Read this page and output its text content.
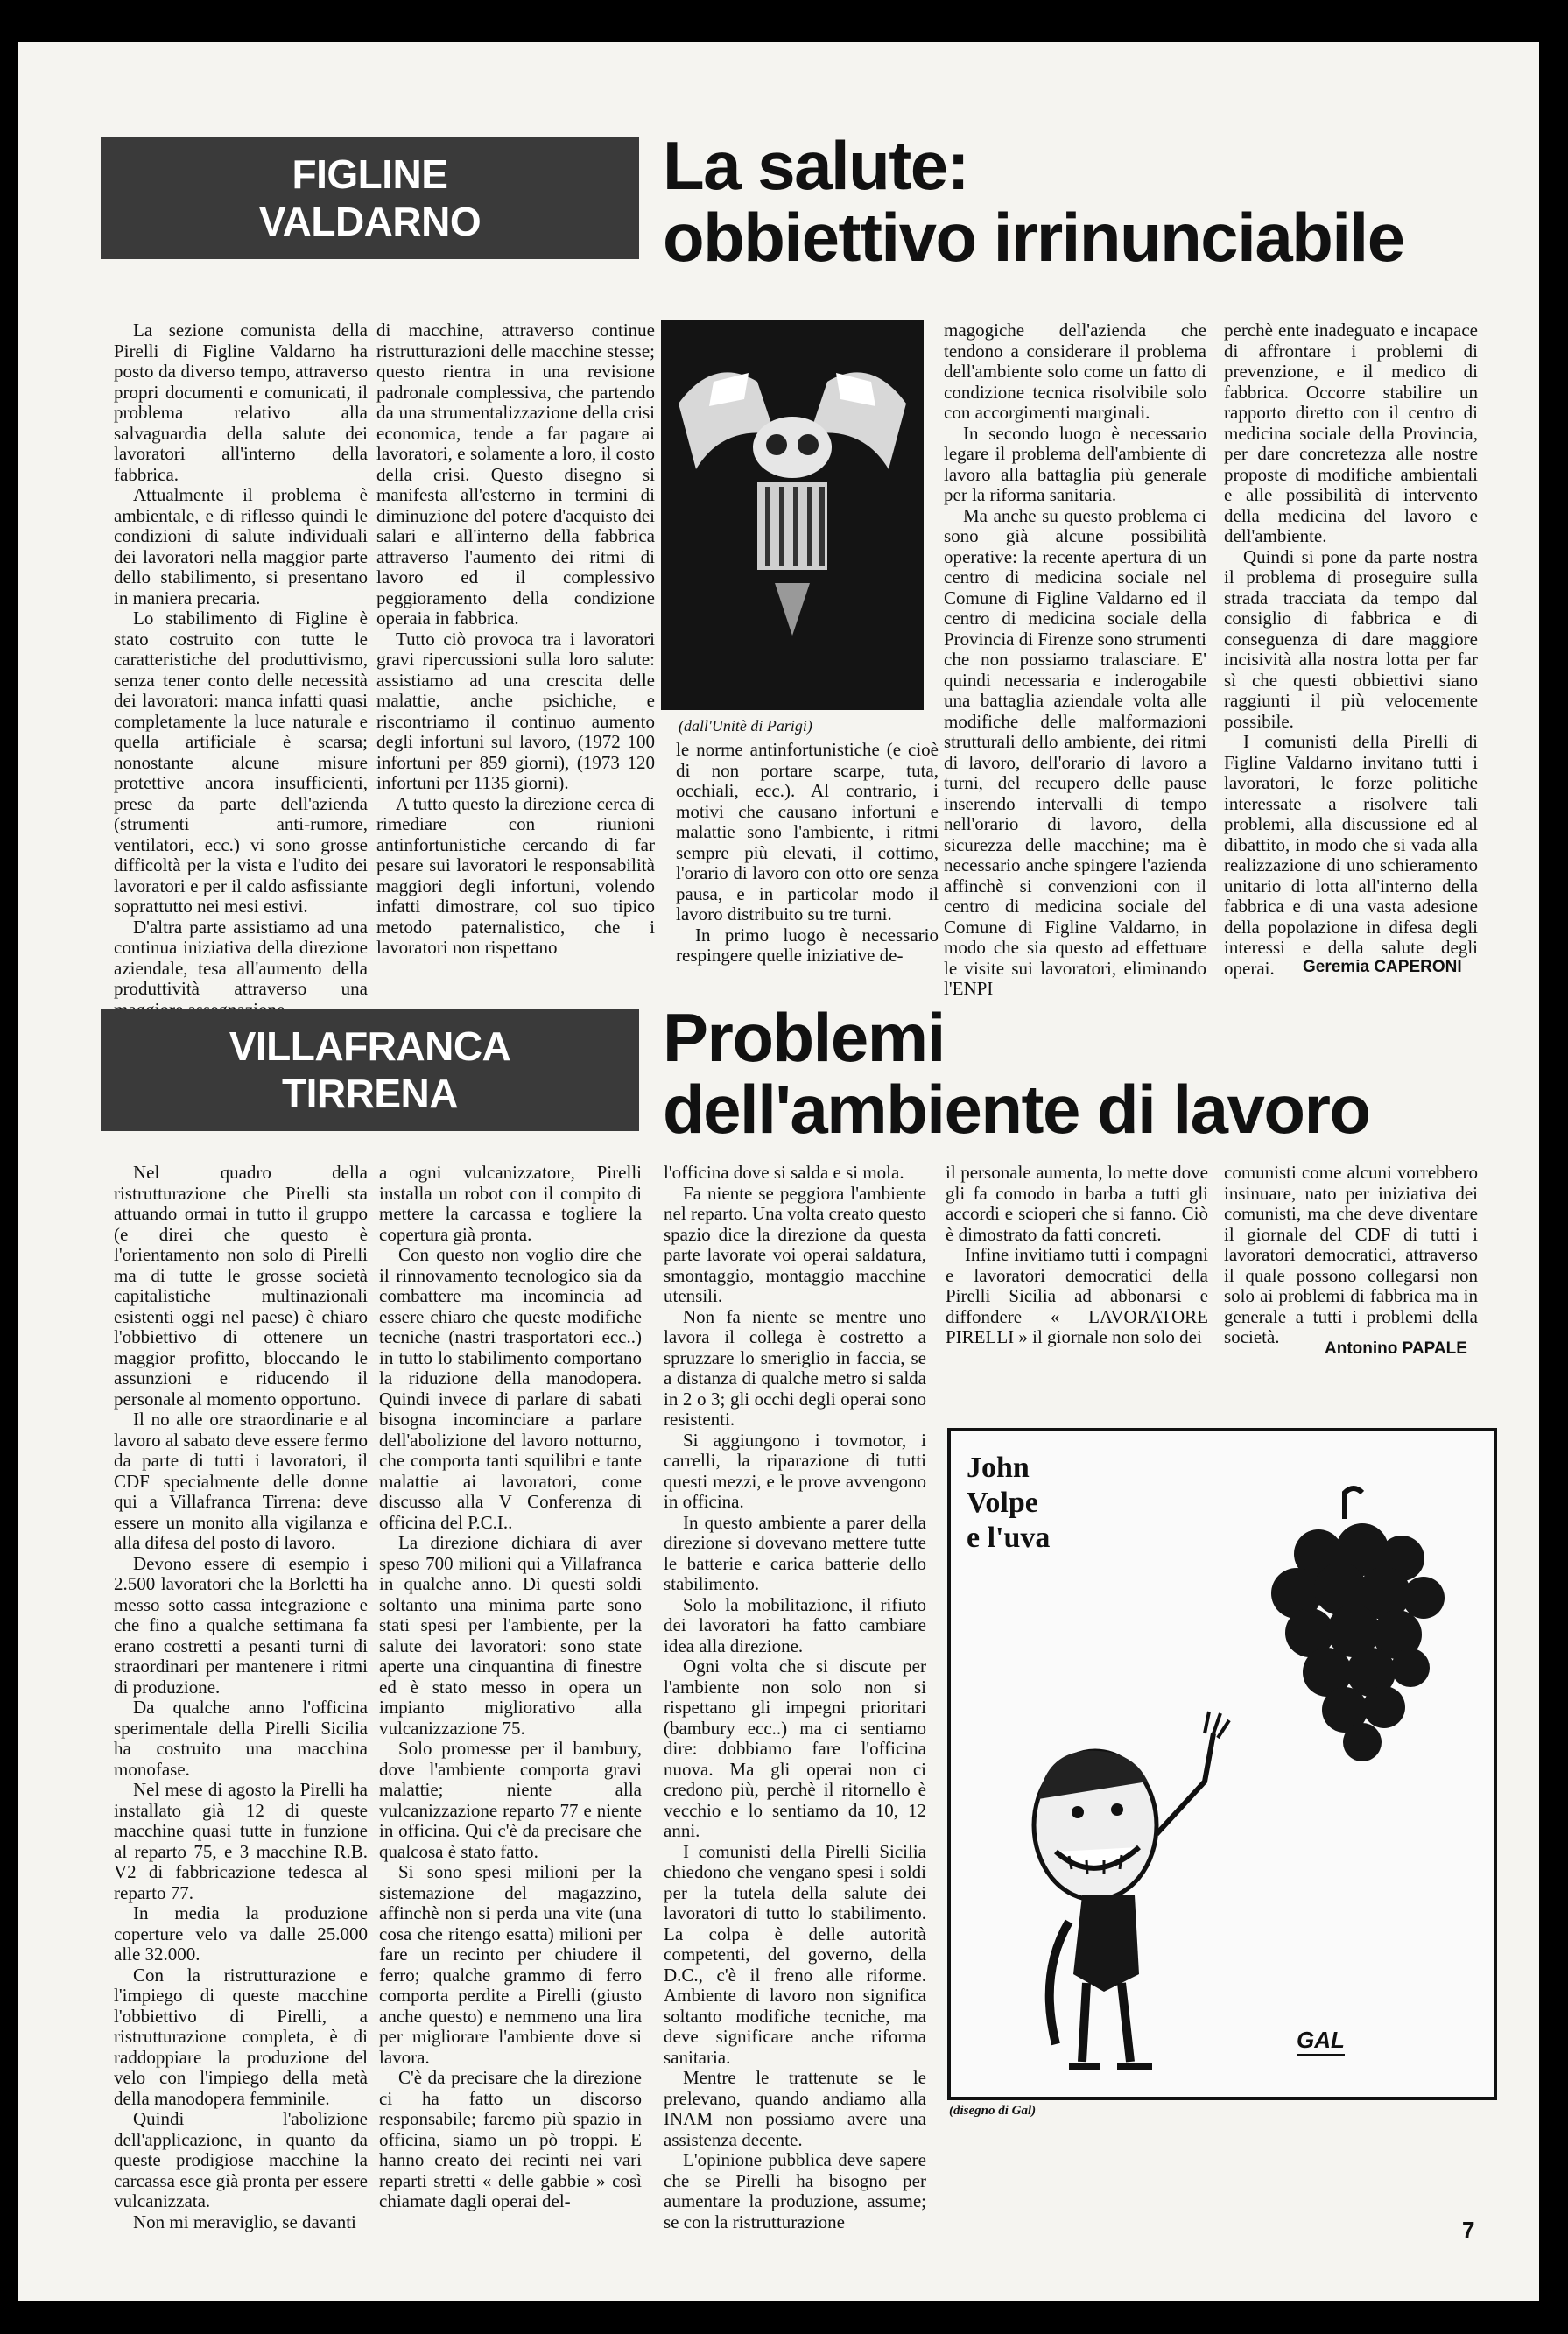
FIGLINE
VALDARNO
La salute:
obbiettivo irrinunciabile

La sezione comunista della Pirelli di Figline Valdarno ha posto da diverso tempo, attraverso propri documenti e comunicati, il problema relativo alla salvaguardia della salute dei lavoratori all'interno della fabbrica.

Attualmente il problema è ambientale, e di riflesso quindi le condizioni di salute individuali dei lavoratori nella maggior parte dello stabilimento, si presentano in maniera precaria.

Lo stabilimento di Figline è stato costruito con tutte le caratteristiche del produttivismo, senza tener conto delle necessità dei lavoratori: manca infatti quasi completamente la luce naturale e quella artificiale è scarsa; nonostante alcune misure protettive ancora insufficienti, prese da parte dell'azienda (strumenti anti-rumore, ventilatori, ecc.) vi sono grosse difficoltà per la vista e l'udito dei lavoratori e per il caldo asfissiante soprattutto nei mesi estivi.

D'altra parte assistiamo ad una continua iniziativa della direzione aziendale, tesa all'aumento della produttività attraverso una

di macchine, attraverso continue ristrutturazioni delle macchine stesse; questo rientra in una revisione padronale complessiva, che partendo da una strumentalizzazione della crisi economica, tende a far pagare ai lavoratori, e solamente a loro, il costo della crisi. Questo disegno si manifesta all'esterno in termini di diminuzione del potere d'acquisto dei salari e all'interno della fabbrica attraverso l'aumento dei ritmi di lavoro ed il complessivo peggioramento della condizione operaia in fabbrica.

Tutto ciò provoca tra i lavoratori gravi ripercussioni sulla loro salute: assistiamo ad una crescita delle malattie, anche psichiche, e riscontriamo il continuo aumento degli infortuni sul lavoro, (1972 100 infortuni per 859 giorni), (1973 120 infortuni per 1135 giorni).

A tutto questo la direzione cerca di rimediare con riunioni antinfortunistiche cercando di far pesare sui lavoratori le responsabilità maggiori degli infortuni, volendo infatti dimostrare, col suo tipico metodo paternalistico, che i lavoratori non rispettano

(dall'Unitè di Parigi)

le norme antinfortunistiche (e cioè di non portare scarpe, tuta, occhiali, ecc.). Al contrario, i motivi che causano infortuni e malattie sono l'ambiente, i ritmi sempre più elevati, il cottimo, l'orario di lavoro con otto ore senza pausa, e in particolar modo il lavoro distribuito su tre turni.

In primo luogo è necessario respingere quelle iniziative de-

magogiche dell'azienda che tendono a considerare il problema dell'ambiente solo come un fatto di condizione tecnica risolvibile solo con accorgimenti marginali.

In secondo luogo è necessario legare il problema dell'ambiente di lavoro alla battaglia più generale per la riforma sanitaria.

Ma anche su questo problema ci sono già alcune possibilità operative: la recente apertura di un centro di medicina sociale nel Comune di Figline Valdarno ed il centro di medicina sociale della Provincia di Firenze sono strumenti che non possiamo tralasciare. E' quindi necessaria e inderogabile una battaglia aziendale volta alle modifiche delle malformazioni strutturali dello ambiente, dei ritmi di lavoro, dell'orario di lavoro a turni, del recupero delle pause inserendo intervalli di tempo nell'orario di lavoro, della sicurezza delle macchine; ma è necessario anche spingere l'azienda affinchè si convenzioni con il centro di medicina sociale del Comune di Figline Valdarno, in modo che sia questo ad effettuare le visite sui lavoratori, eliminando l'ENPI

perchè ente inadeguato e incapace di affrontare i problemi di prevenzione, e il medico di fabbrica. Occorre stabilire un rapporto diretto con il centro di medicina sociale della Provincia, per dare concretezza alle nostre proposte di modifiche ambientali e alle possibilità di intervento della medicina del lavoro e dell'ambiente.

Quindi si pone da parte nostra il problema di proseguire sulla strada tracciata da tempo dal consiglio di fabbrica e di conseguenza di dare maggiore incisività alla nostra lotta per far sì che questi obbiettivi siano raggiunti il più velocemente possibile.

I comunisti della Pirelli di Figline Valdarno invitano tutti i lavoratori, le forze politiche interessate a risolvere tali problemi, alla discussione ed al dibattito, in modo che si vada alla realizzazione di uno schieramento unitario di lotta all'interno della fabbrica e di una vasta adesione della popolazione in difesa degli interessi e della salute degli operai.	Geremia CAPERONI
VILLAFRANCA
TIRRENA
Problemi
dell'ambiente di lavoro

Nel quadro della ristrutturazione che Pirelli sta attuando ormai in tutto il gruppo (e direi che questo è l'orientamento non solo di Pirelli ma di tutte le grosse società capitalistiche multinazionali esistenti oggi nel paese) è chiaro l'obbiettivo di ottenere un maggior profitto, bloccando le assunzioni e riducendo il personale al momento opportuno.

Il no alle ore straordinarie e al lavoro al sabato deve essere fermo da parte di tutti i lavoratori, il CDF specialmente delle donne qui a Villafranca Tirrena: deve essere un monito alla vigilanza e alla difesa del posto di lavoro.

Devono essere di esempio i 2.500 lavoratori che la Borletti ha messo sotto cassa integrazione e che fino a qualche settimana fa erano costretti a pesanti turni di straordinari per mantenere i ritmi di produzione.

Da qualche anno l'officina sperimentale della Pirelli Sicilia ha costruito una macchina monofase.

Nel mese di agosto la Pirelli ha installato già 12 di queste macchine quasi tutte in funzione al reparto 75, e 3 macchine R.B. V2 di fabbricazione tedesca al reparto 77.

In media la produzione coperture velo va dalle 25.000 alle 32.000.

Con la ristrutturazione e l'impiego di queste macchine l'obbiettivo di Pirelli, a ristrutturazione completa, è di raddoppiare la produzione del velo con l'impiego della metà della manodopera femminile.

Quindi l'abolizione dell'applicazione, in quanto da queste prodigiose macchine la carcassa esce già pronta per essere vulcanizzata.

Non mi meraviglio, se davanti

a ogni vulcanizzatore, Pirelli installa un robot con il compito di mettere la carcassa e togliere la copertura già pronta.

Con questo non voglio dire che il rinnovamento tecnologico sia da combattere ma incomincia ad essere chiaro che queste modifiche tecniche (nastri trasportatori ecc..) in tutto lo stabilimento comportano la riduzione della manodopera. Quindi invece di parlare di sabati bisogna incominciare a parlare dell'abolizione del lavoro notturno, che comporta tanti squilibri e tante malattie ai lavoratori, come discusso alla V Conferenza di officina del P.C.I..

La direzione dichiara di aver speso 700 milioni qui a Villafranca in qualche anno. Di questi soldi soltanto una minima parte sono stati spesi per l'ambiente, per la salute dei lavoratori: sono state aperte una cinquantina di finestre ed è stato messo in opera un impianto migliorativo alla vulcanizzazione 75.

Solo promesse per il bambury, dove l'ambiente comporta gravi malattie; niente alla vulcanizzazione reparto 77 e niente in officina. Qui c'è da precisare che qualcosa è stato fatto.

Si sono spesi milioni per la sistemazione del magazzino, affinchè non si perda una vite (una cosa che ritengo esatta) milioni per fare un recinto per chiudere il ferro; qualche grammo di ferro comporta perdite a Pirelli (giusto anche questo) e nemmeno una lira per migliorare l'ambiente dove si lavora.

C'è da precisare che la direzione ci ha fatto un discorso responsabile; faremo più spazio in officina, siamo un pò troppi. E hanno creato dei recinti nei vari reparti stretti « delle gabbie » così chiamate dagli operai del-

l'officina dove si salda e si mola.

Fa niente se peggiora l'ambiente nel reparto. Una volta creato questo spazio dice la direzione da questa parte lavorate voi operai saldatura, smontaggio, montaggio macchine utensili.

Non fa niente se mentre uno lavora il collega è costretto a spruzzare lo smeriglio in faccia, se a distanza di qualche metro si salda in 2 o 3; gli occhi degli operai sono resistenti.

Si aggiungono i tovmotor, i carrelli, la riparazione di tutti questi mezzi, e le prove avvengono in officina.

In questo ambiente a parer della direzione si dovevano mettere tutte le batterie e carica batterie dello stabilimento.

Solo la mobilitazione, il rifiuto dei lavoratori ha fatto cambiare idea alla direzione.

Ogni volta che si discute per l'ambiente non solo non si rispettano gli impegni prioritari (bambury ecc..) ma ci sentiamo dire: dobbiamo fare l'officina nuova. Ma gli operai non ci credono più, perchè il ritornello è vecchio e lo sentiamo da 10, 12 anni.

I comunisti della Pirelli Sicilia chiedono che vengano spesi i soldi per la tutela della salute dei lavoratori di tutto lo stabilimento. La colpa è delle autorità competenti, del governo, della D.C., c'è il freno alle riforme. Ambiente di lavoro non significa soltanto modifiche tecniche, ma deve significare anche riforma sanitaria.

Mentre le trattenute se le prelevano, quando andiamo alla INAM non possiamo avere una assistenza decente.

L'opinione pubblica deve sapere che se Pirelli ha bisogno per aumentare la produzione, assume; se con la ristrutturazione

il personale aumenta, lo mette dove gli fa comodo in barba a tutti gli accordi e scioperi che si fanno. Ciò è dimostrato da fatti concreti.

Infine invitiamo tutti i compagni e lavoratori democratici della Pirelli Sicilia ad abbonarsi e diffondere « LAVORATORE PIRELLI » il giornale non solo dei

comunisti come alcuni vorrebbero insinuare, nato per iniziativa dei comunisti, ma che deve diventare il giornale del CDF di tutti i lavoratori democratici, attraverso il quale possono collegarsi non solo ai problemi di fabbrica ma in generale a tutti i problemi della società.

Antonino PAPALE
John
Volpe
e l'uva
GAL
(disegno di Gal)
7
